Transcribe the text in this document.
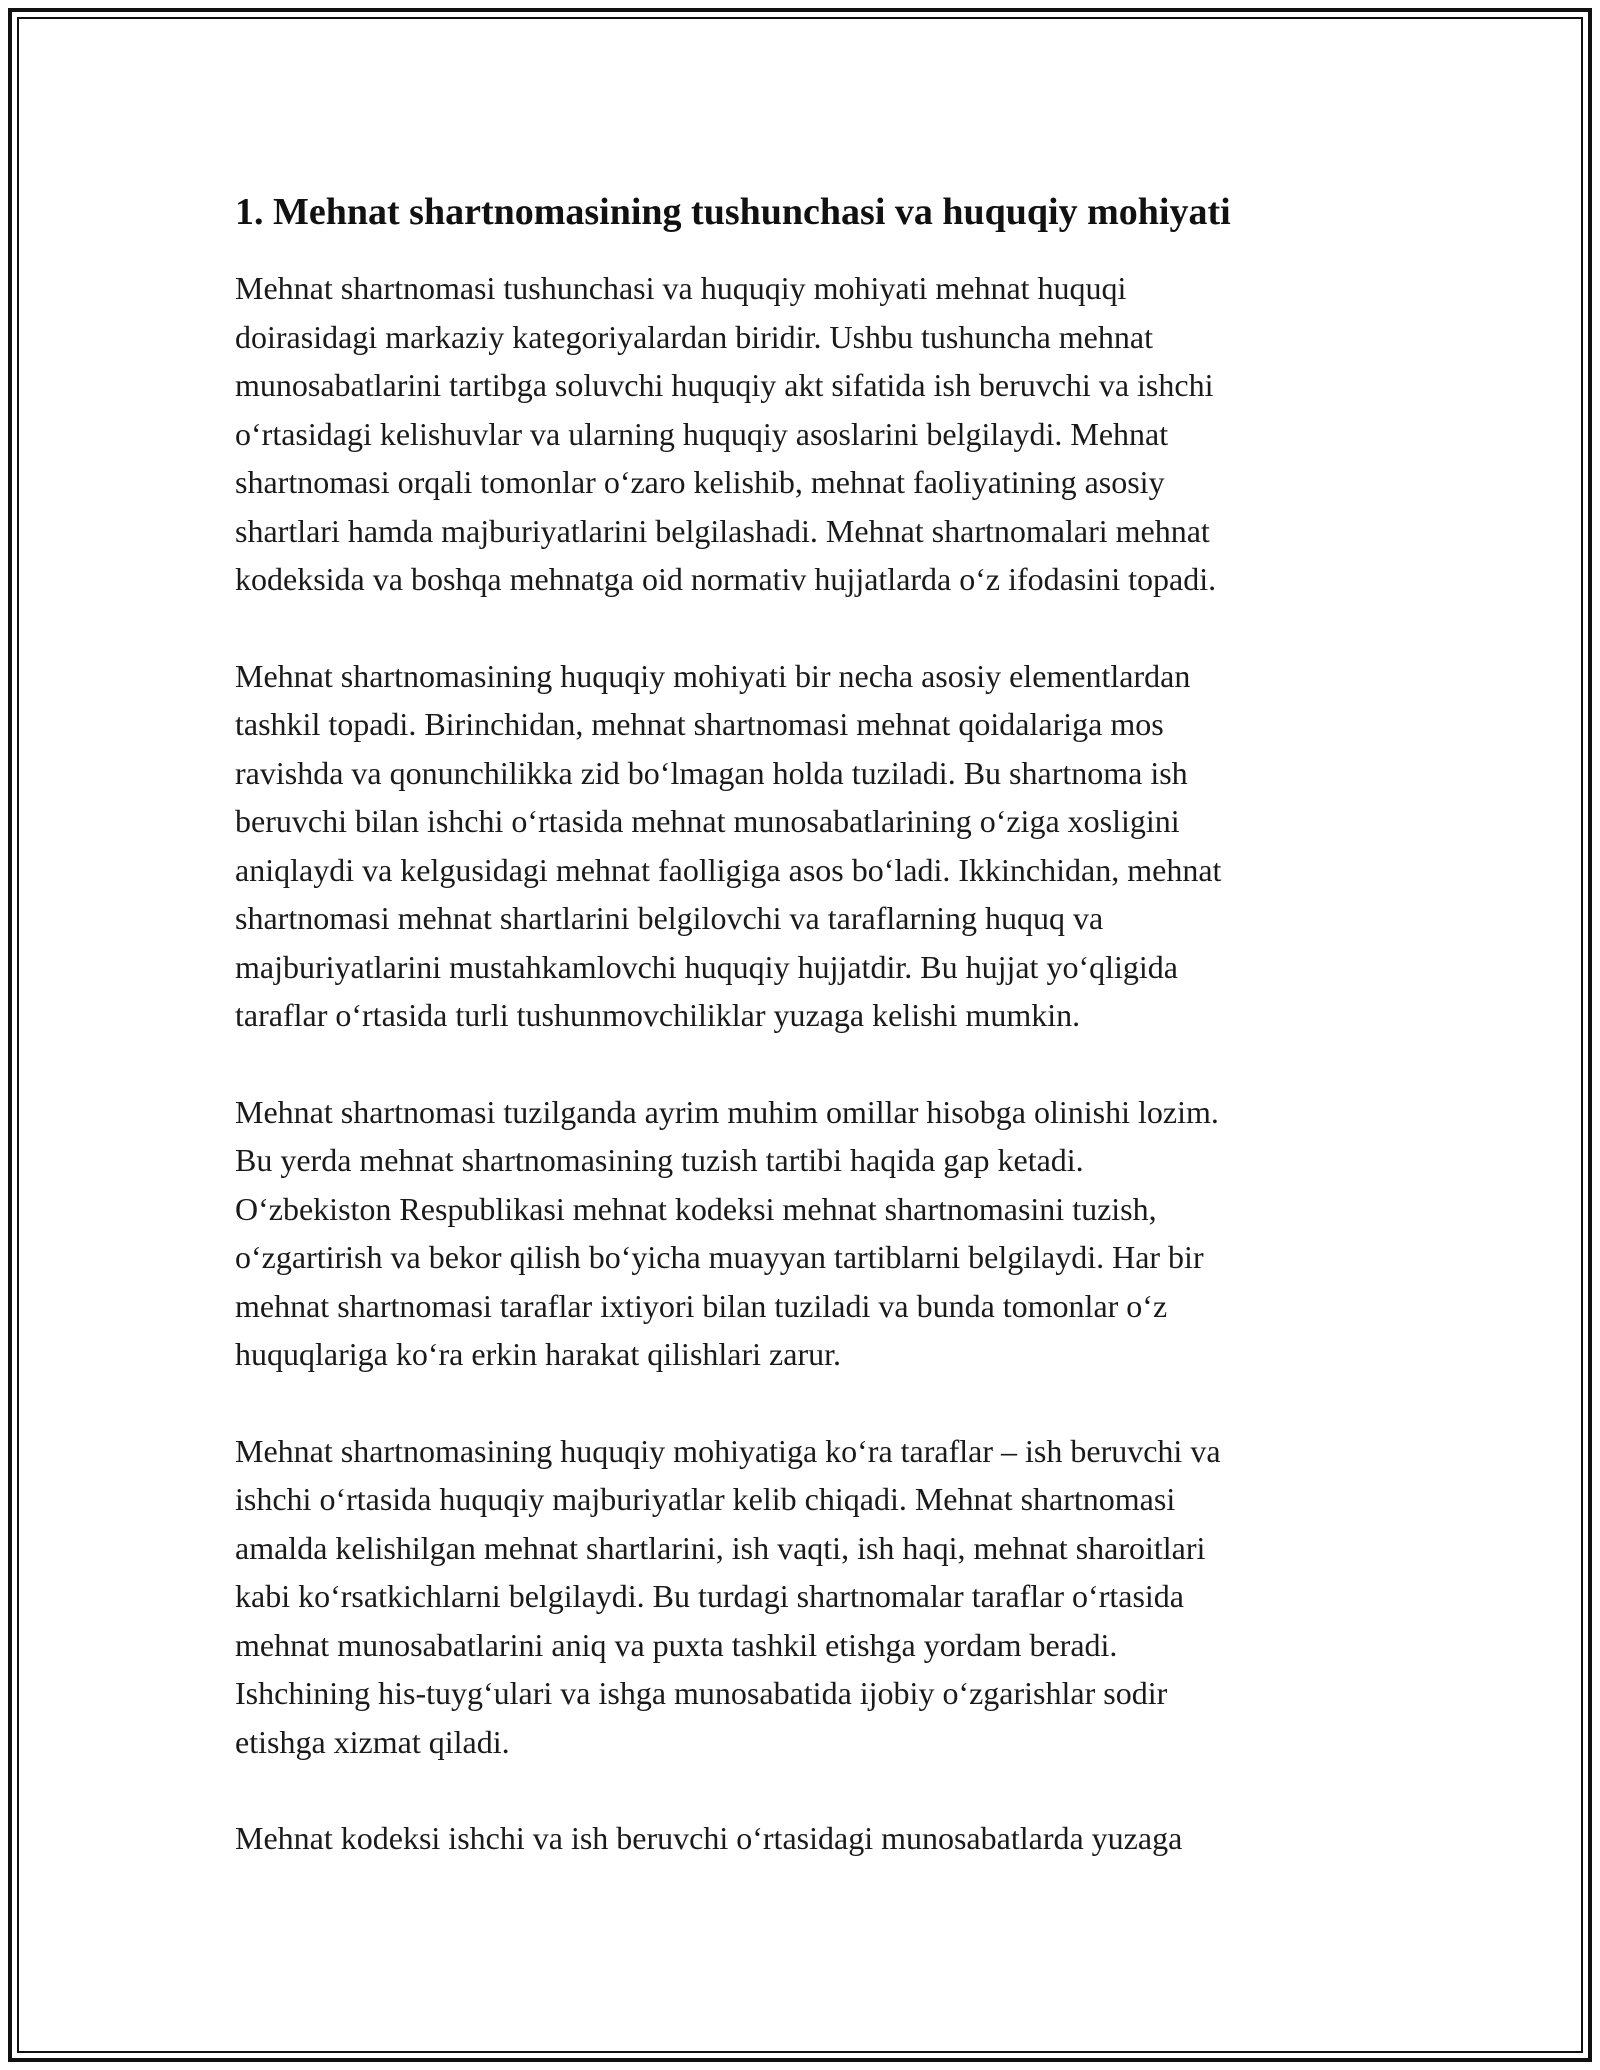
1. Mehnat shartnomasining tushunchasi va huquqiy mohiyati

Mehnat shartnomasi tushunchasi va huquqiy mohiyati mehnat huquqi
doirasidagi markaziy kategoriyalardan biridir. Ushbu tushuncha mehnat
munosabatlarini tartibga soluvchi huquqiy akt sifatida ish beruvchi va ishchi
o‘rtasidagi kelishuvlar va ularning huquqiy asoslarini belgilaydi. Mehnat
shartnomasi orqali tomonlar o‘zaro kelishib, mehnat faoliyatining asosiy
shartlari hamda majburiyatlarini belgilashadi. Mehnat shartnomalari mehnat
kodeksida va boshqa mehnatga oid normativ hujjatlarda o‘z ifodasini topadi.

Mehnat shartnomasining huquqiy mohiyati bir necha asosiy elementlardan
tashkil topadi. Birinchidan, mehnat shartnomasi mehnat qoidalariga mos
ravishda va qonunchilikka zid bo‘lmagan holda tuziladi. Bu shartnoma ish
beruvchi bilan ishchi o‘rtasida mehnat munosabatlarining o‘ziga xosligini
aniqlaydi va kelgusidagi mehnat faolligiga asos bo‘ladi. Ikkinchidan, mehnat
shartnomasi mehnat shartlarini belgilovchi va taraflarning huquq va
majburiyatlarini mustahkamlovchi huquqiy hujjatdir. Bu hujjat yo‘qligida
taraflar o‘rtasida turli tushunmovchiliklar yuzaga kelishi mumkin.

Mehnat shartnomasi tuzilganda ayrim muhim omillar hisobga olinishi lozim.
Bu yerda mehnat shartnomasining tuzish tartibi haqida gap ketadi.
O‘zbekiston Respublikasi mehnat kodeksi mehnat shartnomasini tuzish,
o‘zgartirish va bekor qilish bo‘yicha muayyan tartiblarni belgilaydi. Har bir
mehnat shartnomasi taraflar ixtiyori bilan tuziladi va bunda tomonlar o‘z
huquqlariga ko‘ra erkin harakat qilishlari zarur.

Mehnat shartnomasining huquqiy mohiyatiga ko‘ra taraflar – ish beruvchi va
ishchi o‘rtasida huquqiy majburiyatlar kelib chiqadi. Mehnat shartnomasi
amalda kelishilgan mehnat shartlarini, ish vaqti, ish haqi, mehnat sharoitlari
kabi ko‘rsatkichlarni belgilaydi. Bu turdagi shartnomalar taraflar o‘rtasida
mehnat munosabatlarini aniq va puxta tashkil etishga yordam beradi.
Ishchining his-tuyg‘ulari va ishga munosabatida ijobiy o‘zgarishlar sodir
etishga xizmat qiladi.

Mehnat kodeksi ishchi va ish beruvchi o‘rtasidagi munosabatlarda yuzaga
